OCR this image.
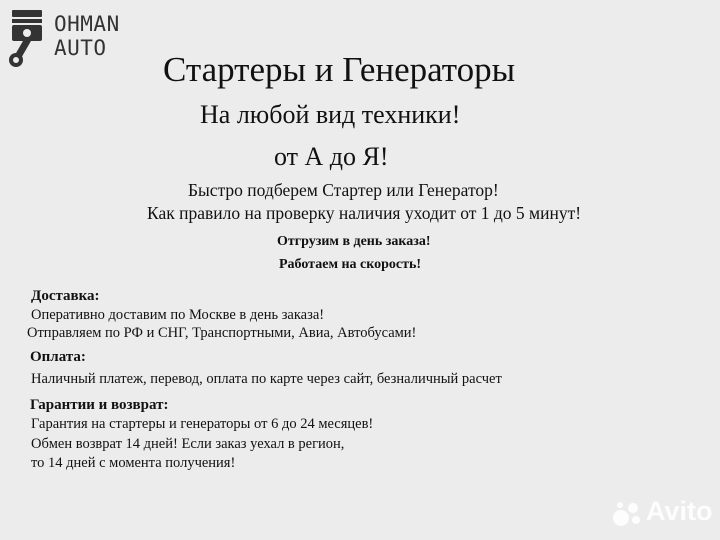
OHMAN
AUTO
Стартеры и Генераторы
На любой вид техники!
от А до Я!
Быстро подберем Стартер или Генератор!
Как правило на проверку наличия уходит от 1 до 5 минут!
Отгрузим в день заказа!
Работаем на скорость!
Доставка:
Оперативно доставим по Москве в день заказа!
Отправляем по РФ и СНГ, Транспортными, Авиа, Автобусами!
Оплата:
Наличный платеж, перевод, оплата по карте через сайт, безналичный расчет
Гарантии и возврат:
Гарантия на стартеры и генераторы от 6 до 24 месяцев!
Обмен возврат 14 дней! Если заказ уехал в регион,
то 14 дней с момента получения!
Avito
